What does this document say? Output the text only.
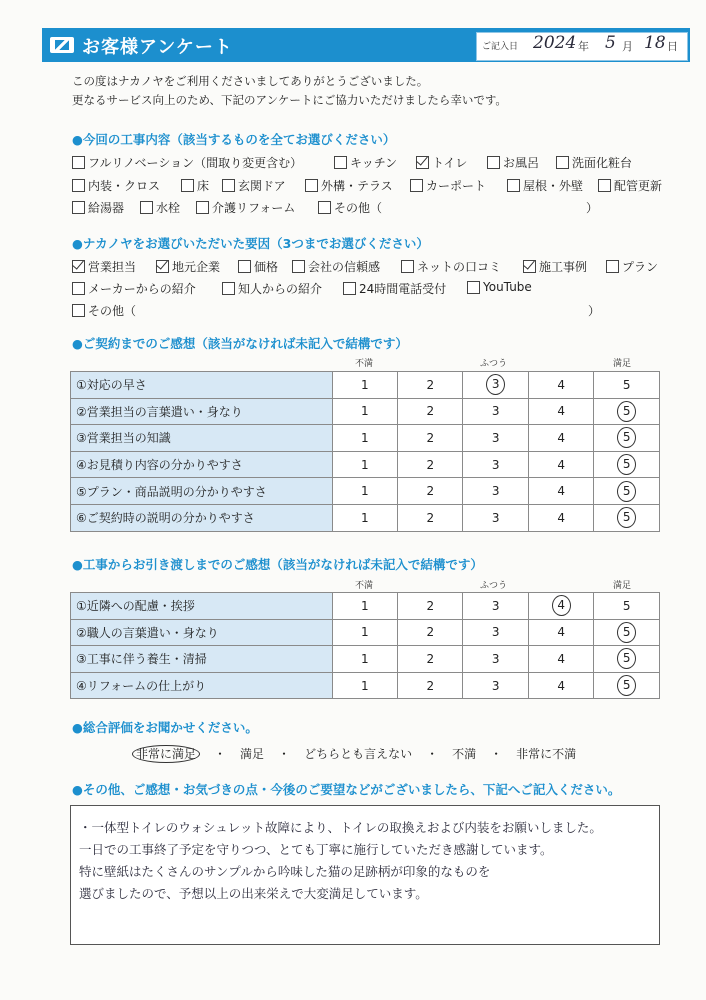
お客様アンケート	ご記入日 2024 年 5 月 18 日
この度はナカノヤをご利用くださいましてありがとうございました。
更なるサービス向上のため、下記のアンケートにご協力いただけましたら幸いです。
●今回の工事内容（該当するものを全てお選びください）
フルリノベーション（間取り変更含む）	キッチン	トイレ	お風呂	洗面化粧台
内装・クロス	床 玄関ドア	外構・テラス	カーポート	屋根・外壁	配管更新
給湯器	水栓	介護リフォーム	その他（	）
●ナカノヤをお選びいただいた要因（3つまでお選びください）
営業担当	地元企業	価格 会社の信頼感	ネットの口コミ	施工事例	プラン
メーカーからの紹介	知人からの紹介	24時間電話受付	YouTube
その他（	）
●ご契約までのご感想（該当がなければ未記入で結構です）
不満	ふつう	満足
①対応の早さ	1	2	3	4	5
②営業担当の言葉遣い・身なり	1	2	3	4	5
③営業担当の知識	1	2	3	4	5
④お見積り内容の分かりやすさ	1	2	3	4	5
⑤プラン・商品説明の分かりやすさ	1	2	3	4	5
⑥ご契約時の説明の分かりやすさ	1	2	3	4	5
●工事からお引き渡しまでのご感想（該当がなければ未記入で結構です）
不満	ふつう	満足
①近隣への配慮・挨拶	1	2	3	4	5
②職人の言葉遣い・身なり	1	2	3	4	5
③工事に伴う養生・清掃	1	2	3	4	5
④リフォームの仕上がり	1	2	3	4	5
●総合評価をお聞かせください。
非常に満足 ・ 満足 ・ どちらとも言えない ・ 不満 ・ 非常に不満
●その他、ご感想・お気づきの点・今後のご要望などがございましたら、下記へご記入ください。
・一体型トイレのウォシュレット故障により、トイレの取換えおよび内装をお願いしました。
一日での工事終了予定を守りつつ、とても丁寧に施行していただき感謝しています。
特に壁紙はたくさんのサンプルから吟味した猫の足跡柄が印象的なものを
選びましたので、予想以上の出来栄えで大変満足しています。
